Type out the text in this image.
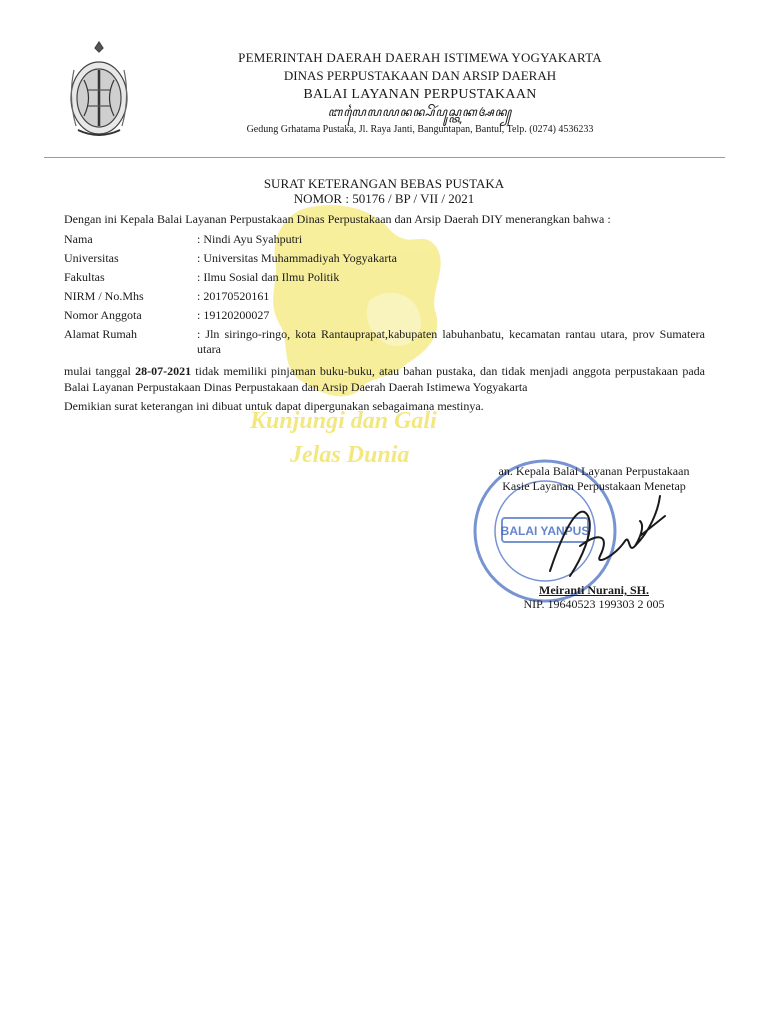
Kunjungi dan Gali
Jelas Dunia
PEMERINTAH DAERAH DAERAH ISTIMEWA YOGYAKARTA
DINAS PERPUSTAKAAN DAN ARSIP DAERAH
BALAI LAYANAN PERPUSTAKAAN
ꦧꦭꦻꦭꦪꦤꦤ꧀ꦥꦼꦂꦥꦸꦱ꧀ꦠꦏꦄꦤ꧀
Gedung Grhatama Pustaka, Jl. Raya Janti, Banguntapan, Bantul, Telp. (0274) 4536233
SURAT KETERANGAN BEBAS PUSTAKA
NOMOR : 50176 / BP / VII / 2021
Dengan ini Kepala Balai Layanan Perpustakaan Dinas Perpustakaan dan Arsip Daerah DIY menerangkan bahwa :
Nama	: Nindi Ayu Syahputri
Universitas	: Universitas Muhammadiyah Yogyakarta
Fakultas	: Ilmu Sosial dan Ilmu Politik
NIRM / No.Mhs	: 20170520161
Nomor Anggota	: 19120200027
Alamat Rumah	: Jln siringo-ringo, kota Rantauprapat,kabupaten labuhanbatu, kecamatan rantau utara, prov Sumatera utara
mulai tanggal 28-07-2021 tidak memiliki pinjaman buku-buku, atau bahan pustaka, dan tidak menjadi anggota perpustakaan pada Balai Layanan Perpustakaan Dinas Perpustakaan dan Arsip Daerah Daerah Istimewa Yogyakarta
Demikian surat keterangan ini dibuat untuk dapat dipergunakan sebagaimana mestinya.
BALAI YANPUS
an. Kepala Balai Layanan Perpustakaan
Kasie Layanan Perpustakaan Menetap
Meiranti Nurani, SH.
NIP. 19640523 199303 2 005
